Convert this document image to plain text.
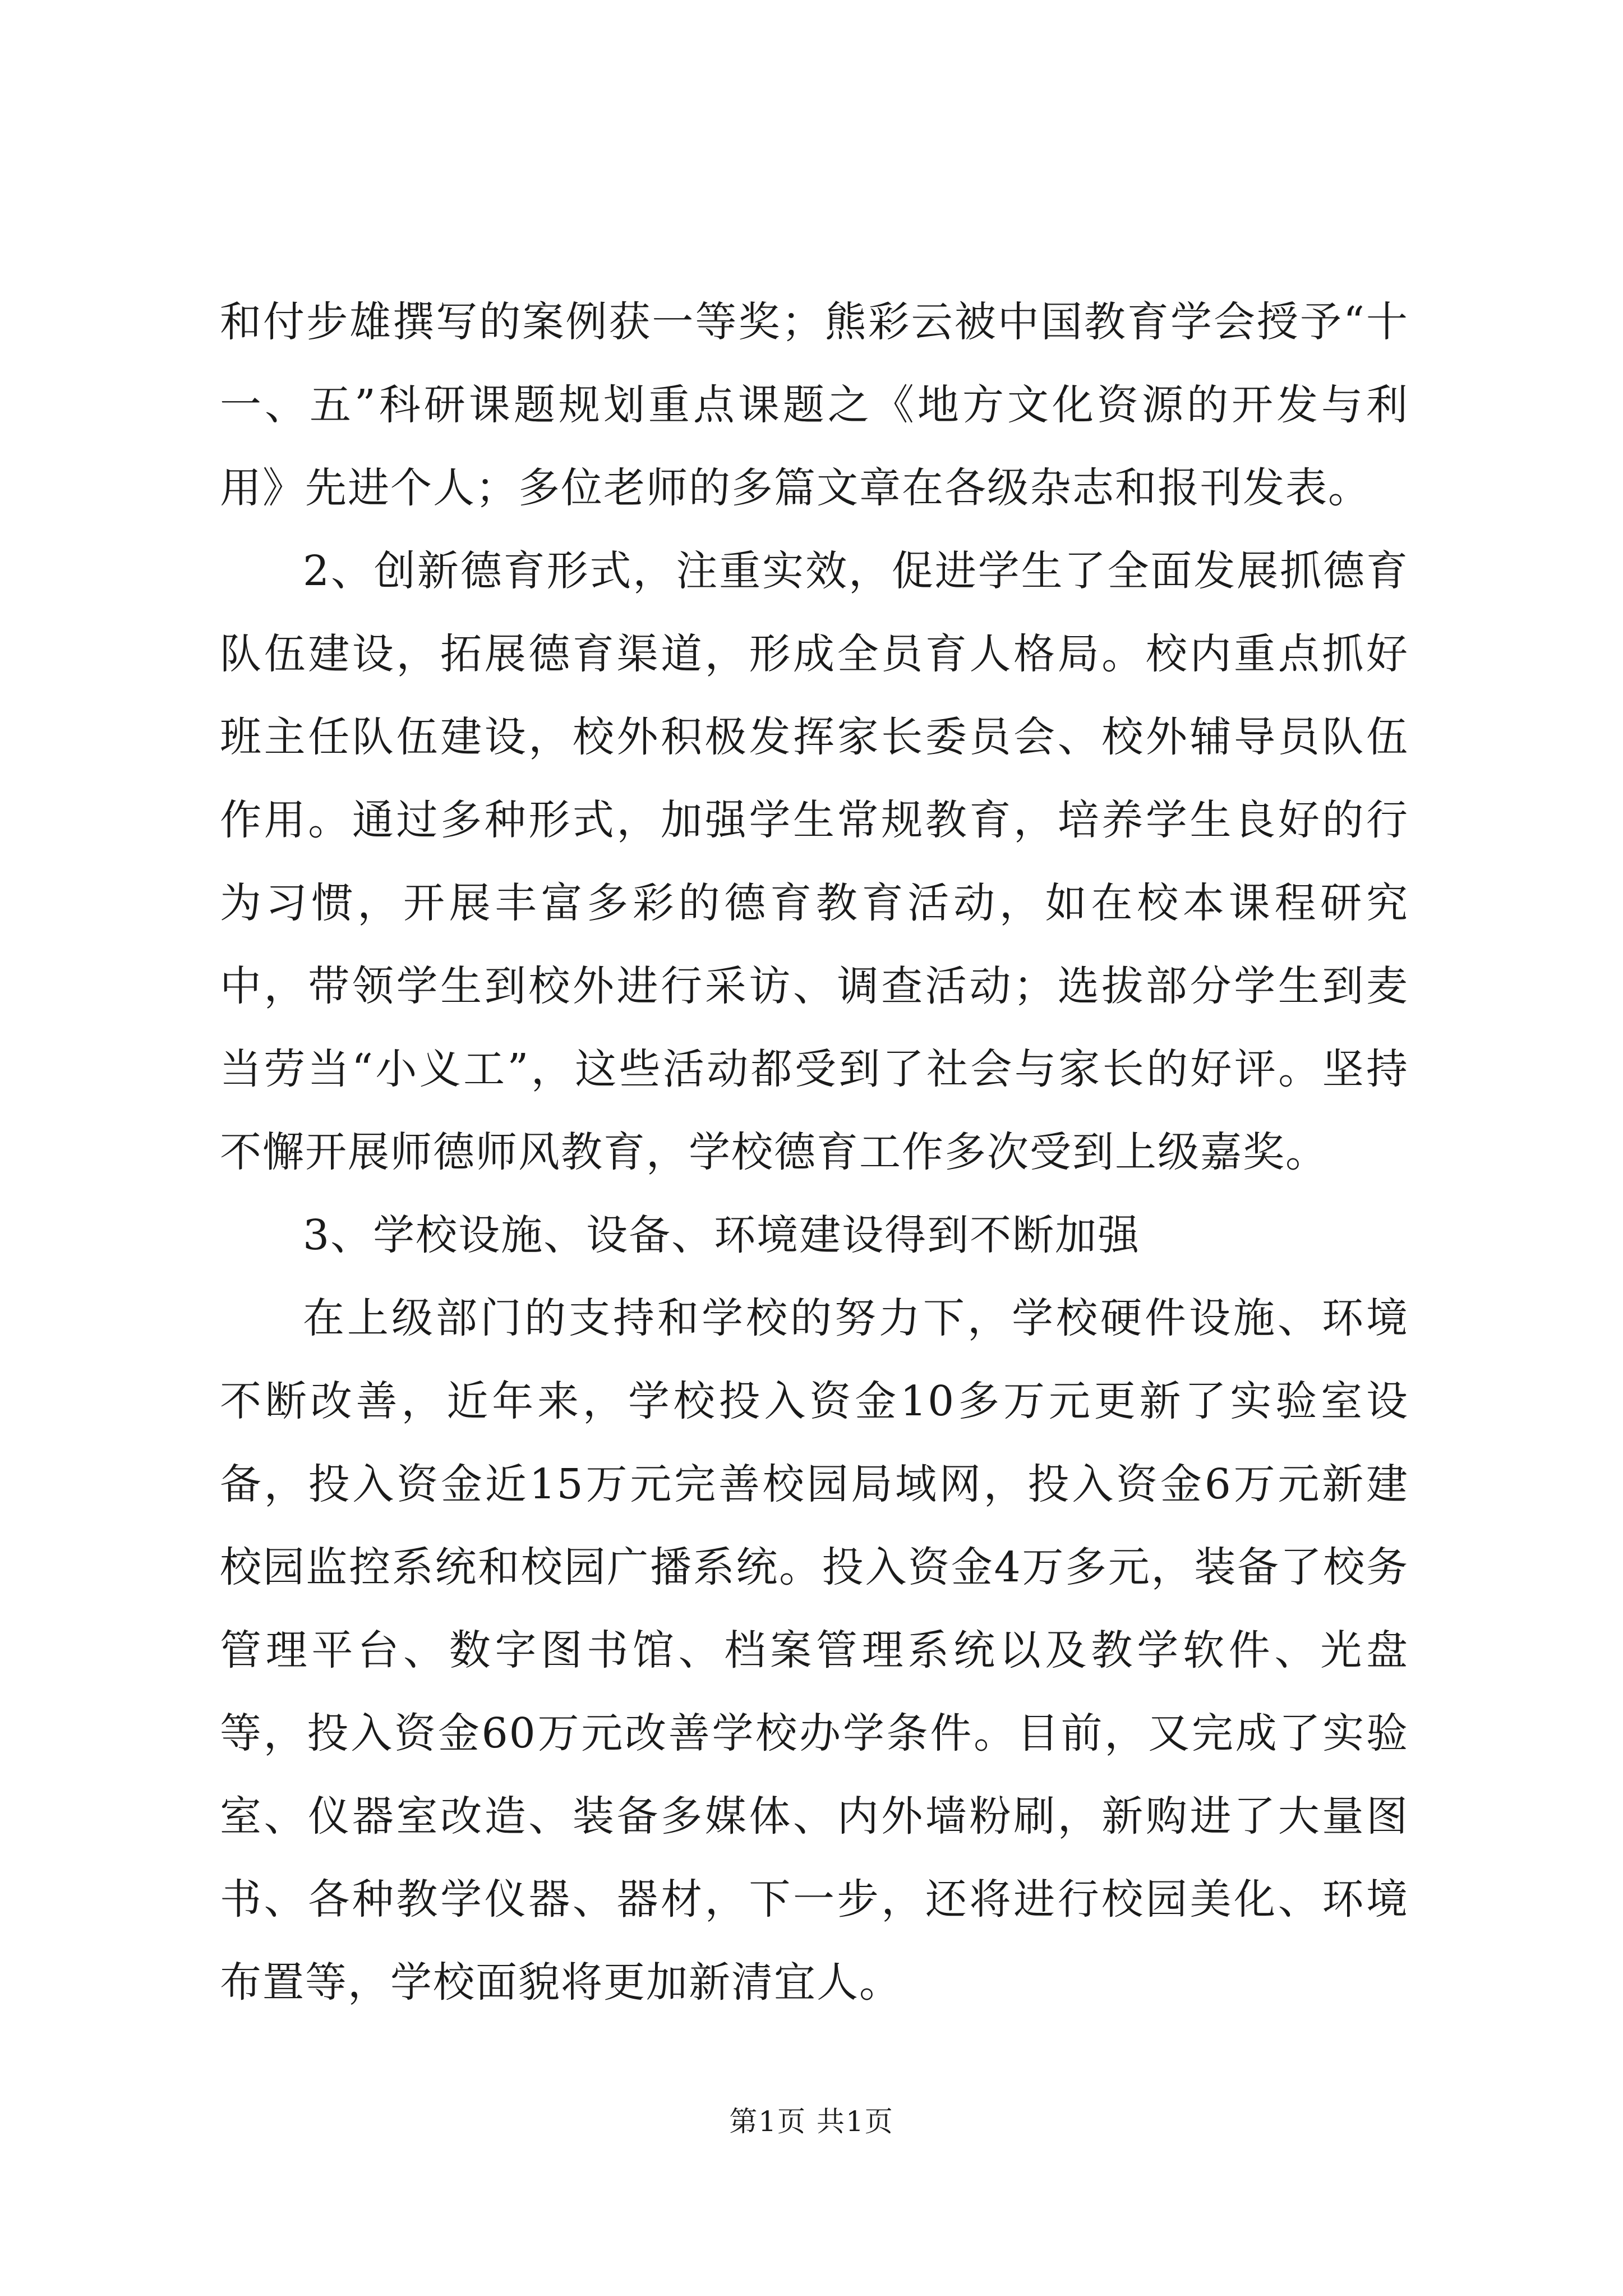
和付步雄撰写的案例获一等奖；熊彩云被中国教育学会授予“十一、五”科研课题规划重点课题之《地方文化资源的开发与利用》先进个人；多位老师的多篇文章在各级杂志和报刊发表。

2、创新德育形式，注重实效，促进学生了全面发展抓德育队伍建设，拓展德育渠道，形成全员育人格局。校内重点抓好班主任队伍建设，校外积极发挥家长委员会、校外辅导员队伍作用。通过多种形式，加强学生常规教育，培养学生良好的行为习惯，开展丰富多彩的德育教育活动，如在校本课程研究中，带领学生到校外进行采访、调查活动；选拔部分学生到麦当劳当“小义工”，这些活动都受到了社会与家长的好评。坚持不懈开展师德师风教育，学校德育工作多次受到上级嘉奖。

3、学校设施、设备、环境建设得到不断加强

在上级部门的支持和学校的努力下，学校硬件设施、环境不断改善，近年来，学校投入资金10多万元更新了实验室设备，投入资金近15万元完善校园局域网，投入资金6万元新建校园监控系统和校园广播系统。投入资金4万多元，装备了校务管理平台、数字图书馆、档案管理系统以及教学软件、光盘等，投入资金60万元改善学校办学条件。目前，又完成了实验室、仪器室改造、装备多媒体、内外墙粉刷，新购进了大量图书、各种教学仪器、器材，下一步，还将进行校园美化、环境布置等，学校面貌将更加新清宜人。

第1页 共1页
